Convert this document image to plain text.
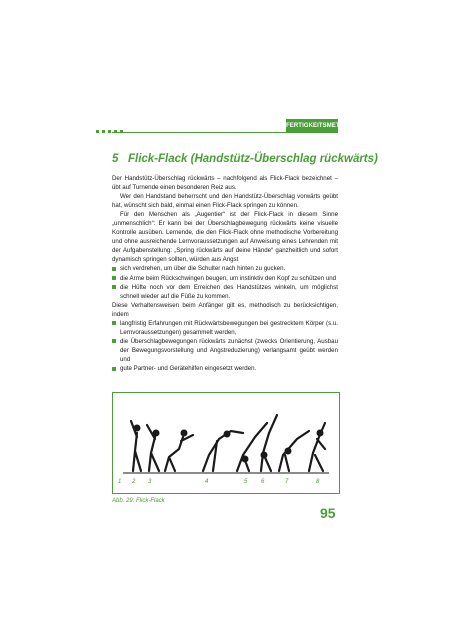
FERTIGKEITSMETHODIK
5 Flick-Flack (Handstütz-Überschlag rückwärts)

Der Handstütz-Überschlag rückwärts – nachfolgend als Flick-Flack bezeichnet – übt auf Turnende einen besonderen Reiz aus.

Wer den Handstand beherrscht und den Handstütz-Überschlag vorwärts geübt hat, wünscht sich bald, einmal einen Flick-Flack springen zu können.

Für den Menschen als „Augentier“ ist der Flick-Flack in diesem Sinne „unmenschlich“: Er kann bei der Überschlagbewegung rückwärts keine visuelle Kontrolle ausüben. Lernende, die den Flick-Flack ohne methodische Vorbereitung und ohne ausreichende Lernvoraussetzungen auf Anweisung eines Lehrenden mit der Aufgabenstellung: „Spring rückwärts auf deine Hände“ ganzheitlich und sofort dynamisch springen sollten, würden aus Angst

sich verdrehen, um über die Schulter nach hinten zu gucken.
die Arme beim Rückschwingen beugen, um instinktiv den Kopf zu schützen und
die Hüfte noch vor dem Erreichen des Handstützes winkeln, um möglichst schnell wieder auf die Füße zu kommen.

Diese Verhaltensweisen beim Anfänger gilt es, methodisch zu berücksichtigen, indem

langfristig Erfahrungen mit Rückwärtsbewegungen bei gestrecktem Körper (s.u. Lernvoraussetzungen) gesammelt werden,
die Überschlagbewegungen rückwärts zunächst (zwecks Orientierung, Ausbau der Bewegungsvorstellung und Angstreduzierung) verlangsamt geübt werden und
gute Partner- und Gerätehilfen eingesetzt werden.
1 2 3	4	5 6	7	8
Abb. 29: Flick-Flack
95
